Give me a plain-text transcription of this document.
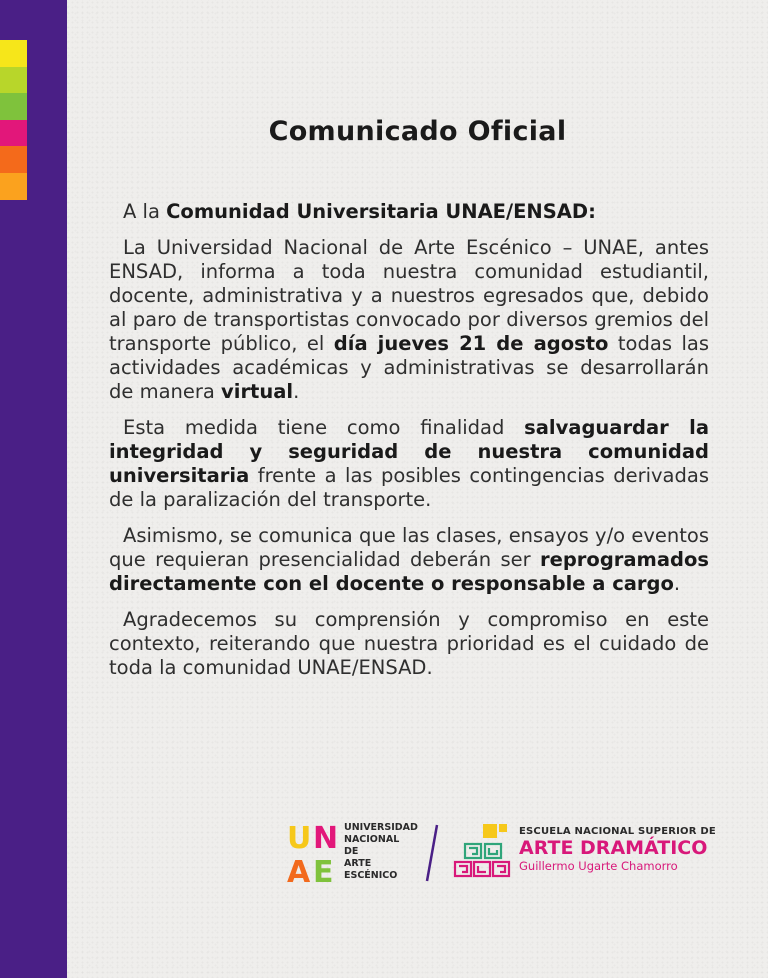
Comunicado Oficial

A la Comunidad Universitaria UNAE/ENSAD:

La Universidad Nacional de Arte Escénico – UNAE, antes ENSAD, informa a toda nuestra comunidad estudiantil, docente, administrativa y a nuestros egresados que, debido al paro de transportistas convocado por diversos gremios del transporte público, el día jueves 21 de agosto todas las actividades académicas y administrativas se desarrollarán de manera virtual.

Esta medida tiene como finalidad salvaguardar la integridad y seguridad de nuestra comunidad universitaria frente a las posibles contingencias derivadas de la paralización del transporte.

Asimismo, se comunica que las clases, ensayos y/o eventos que requieran presencialidad deberán ser reprogramados directamente con el docente o responsable a cargo.

Agradecemos su comprensión y compromiso en este contexto, reiterando que nuestra prioridad es el cuidado de toda la comunidad UNAE/ENSAD.

U N
A E
UNIVERSIDAD
NACIONAL
DE
ARTE
ESCÉNICO
ESCUELA NACIONAL SUPERIOR DE
ARTE DRAMÁTICO
Guillermo Ugarte Chamorro
